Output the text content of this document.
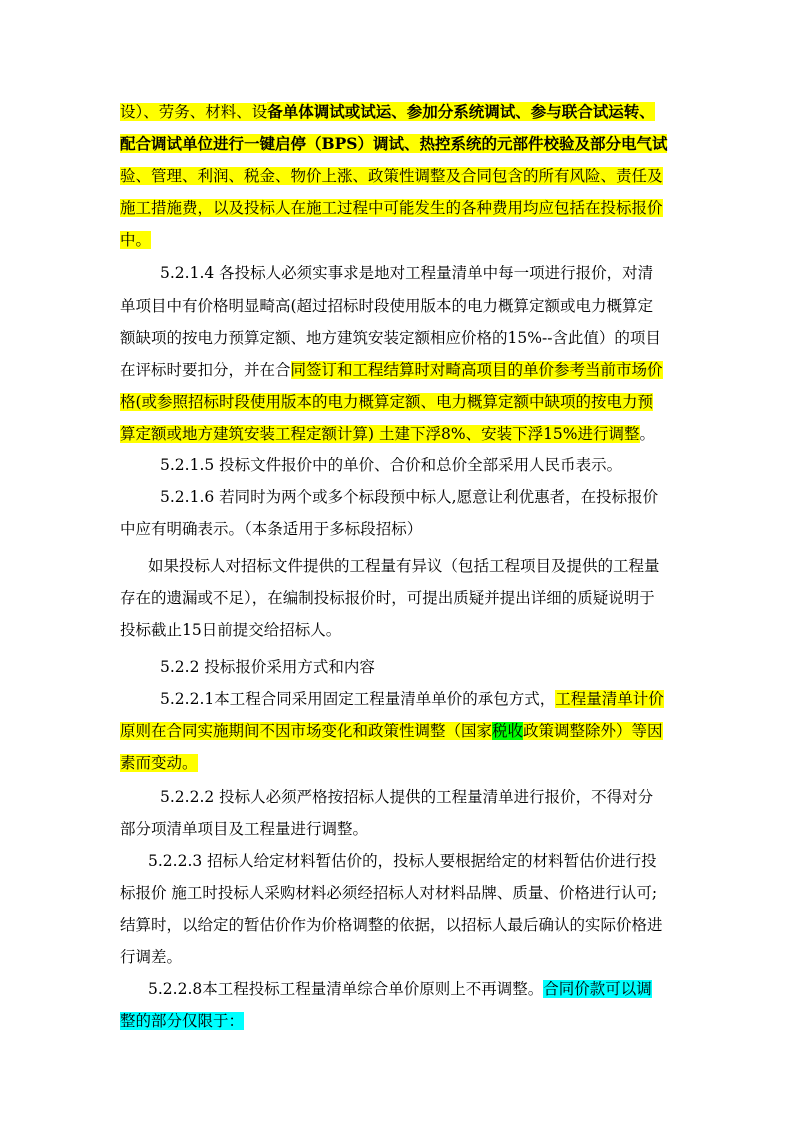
设）、劳务、材料、设备单体调试或试运、参加分系统调试、参与联合试运转、
配合调试单位进行一键启停（BPS）调试、热控系统的元部件校验及部分电气试
验、管理、利润、税金、物价上涨、政策性调整及合同包含的所有风险、责任及
施工措施费，以及投标人在施工过程中可能发生的各种费用均应包括在投标报价
中。
5.2.1.4 各投标人必须实事求是地对工程量清单中每一项进行报价，对清
单项目中有价格明显畸高(超过招标时段使用版本的电力概算定额或电力概算定
额缺项的按电力预算定额、地方建筑安装定额相应价格的15%--含此值）的项目
在评标时要扣分，并在合同签订和工程结算时对畸高项目的单价参考当前市场价
格(或参照招标时段使用版本的电力概算定额、电力概算定额中缺项的按电力预
算定额或地方建筑安装工程定额计算) 土建下浮8%、安装下浮15%进行调整。
5.2.1.5 投标文件报价中的单价、合价和总价全部采用人民币表示。
5.2.1.6 若同时为两个或多个标段预中标人,愿意让利优惠者，在投标报价
中应有明确表示。（本条适用于多标段招标）
如果投标人对招标文件提供的工程量有异议（包括工程项目及提供的工程量
存在的遗漏或不足），在编制投标报价时，可提出质疑并提出详细的质疑说明于
投标截止15日前提交给招标人。
5.2.2 投标报价采用方式和内容
5.2.2.1本工程合同采用固定工程量清单单价的承包方式，工程量清单计价
原则在合同实施期间不因市场变化和政策性调整（国家税收政策调整除外）等因
素而变动。
5.2.2.2 投标人必须严格按招标人提供的工程量清单进行报价，不得对分
部分项清单项目及工程量进行调整。
5.2.2.3 招标人给定材料暂估价的，投标人要根据给定的材料暂估价进行投
标报价 施工时投标人采购材料必须经招标人对材料品牌、质量、价格进行认可;
结算时，以给定的暂估价作为价格调整的依据，以招标人最后确认的实际价格进
行调差。
5.2.2.8本工程投标工程量清单综合单价原则上不再调整。合同价款可以调
整的部分仅限于：
